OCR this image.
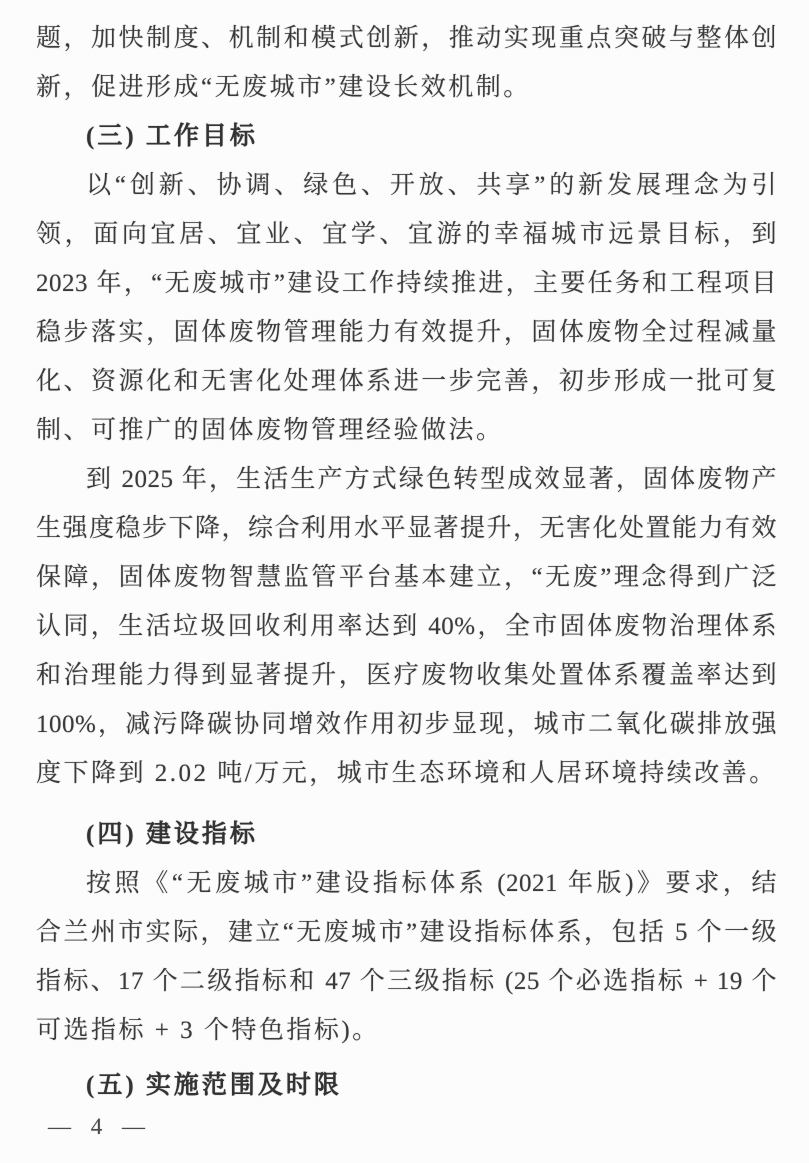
题，加快制度、机制和模式创新，推动实现重点突破与整体创
新，促进形成“无废城市”建设长效机制。
(三) 工作目标
以“创新、协调、绿色、开放、共享”的新发展理念为引
领，面向宜居、宜业、宜学、宜游的幸福城市远景目标，到
2023 年，“无废城市”建设工作持续推进，主要任务和工程项目
稳步落实，固体废物管理能力有效提升，固体废物全过程减量
化、资源化和无害化处理体系进一步完善，初步形成一批可复
制、可推广的固体废物管理经验做法。
到 2025 年，生活生产方式绿色转型成效显著，固体废物产
生强度稳步下降，综合利用水平显著提升，无害化处置能力有效
保障，固体废物智慧监管平台基本建立，“无废”理念得到广泛
认同，生活垃圾回收利用率达到 40%，全市固体废物治理体系
和治理能力得到显著提升，医疗废物收集处置体系覆盖率达到
100%，减污降碳协同增效作用初步显现，城市二氧化碳排放强
度下降到 2.02 吨/万元，城市生态环境和人居环境持续改善。
(四) 建设指标
按照《“无废城市”建设指标体系 (2021 年版)》要求，结
合兰州市实际，建立“无废城市”建设指标体系，包括 5 个一级
指标、17 个二级指标和 47 个三级指标 (25 个必选指标 + 19 个
可选指标 + 3 个特色指标)。
(五) 实施范围及时限
— 4 —
